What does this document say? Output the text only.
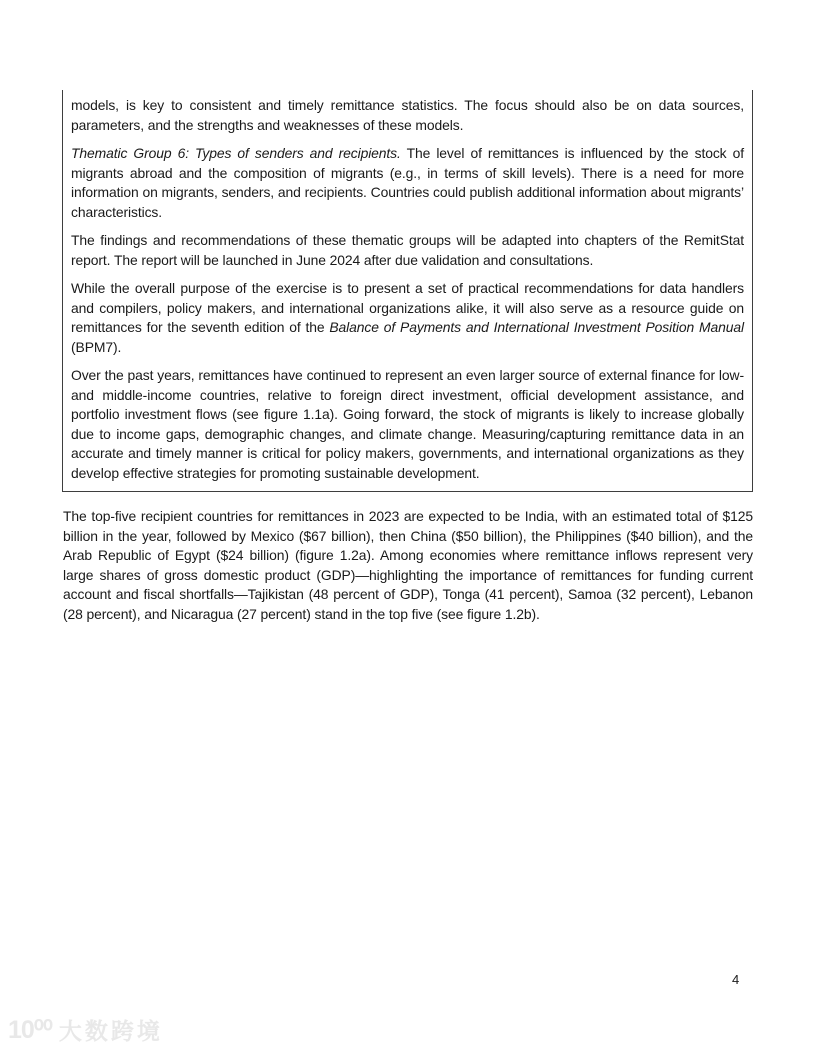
models, is key to consistent and timely remittance statistics. The focus should also be on data sources, parameters, and the strengths and weaknesses of these models.

Thematic Group 6: Types of senders and recipients. The level of remittances is influenced by the stock of migrants abroad and the composition of migrants (e.g., in terms of skill levels). There is a need for more information on migrants, senders, and recipients. Countries could publish additional information about migrants’ characteristics.

The findings and recommendations of these thematic groups will be adapted into chapters of the RemitStat report. The report will be launched in June 2024 after due validation and consultations.

While the overall purpose of the exercise is to present a set of practical recommendations for data handlers and compilers, policy makers, and international organizations alike, it will also serve as a resource guide on remittances for the seventh edition of the Balance of Payments and International Investment Position Manual (BPM7).

Over the past years, remittances have continued to represent an even larger source of external finance for low- and middle-income countries, relative to foreign direct investment, official development assistance, and portfolio investment flows (see figure 1.1a). Going forward, the stock of migrants is likely to increase globally due to income gaps, demographic changes, and climate change. Measuring/capturing remittance data in an accurate and timely manner is critical for policy makers, governments, and international organizations as they develop effective strategies for promoting sustainable development.

The top-five recipient countries for remittances in 2023 are expected to be India, with an estimated total of $125 billion in the year, followed by Mexico ($67 billion), then China ($50 billion), the Philippines ($40 billion), and the Arab Republic of Egypt ($24 billion) (figure 1.2a). Among economies where remittance inflows represent very large shares of gross domestic product (GDP)—highlighting the importance of remittances for funding current account and fiscal shortfalls—Tajikistan (48 percent of GDP), Tonga (41 percent), Samoa (32 percent), Lebanon (28 percent), and Nicaragua (27 percent) stand in the top five (see figure 1.2b).

4
10⁰⁰ 大数跨境
